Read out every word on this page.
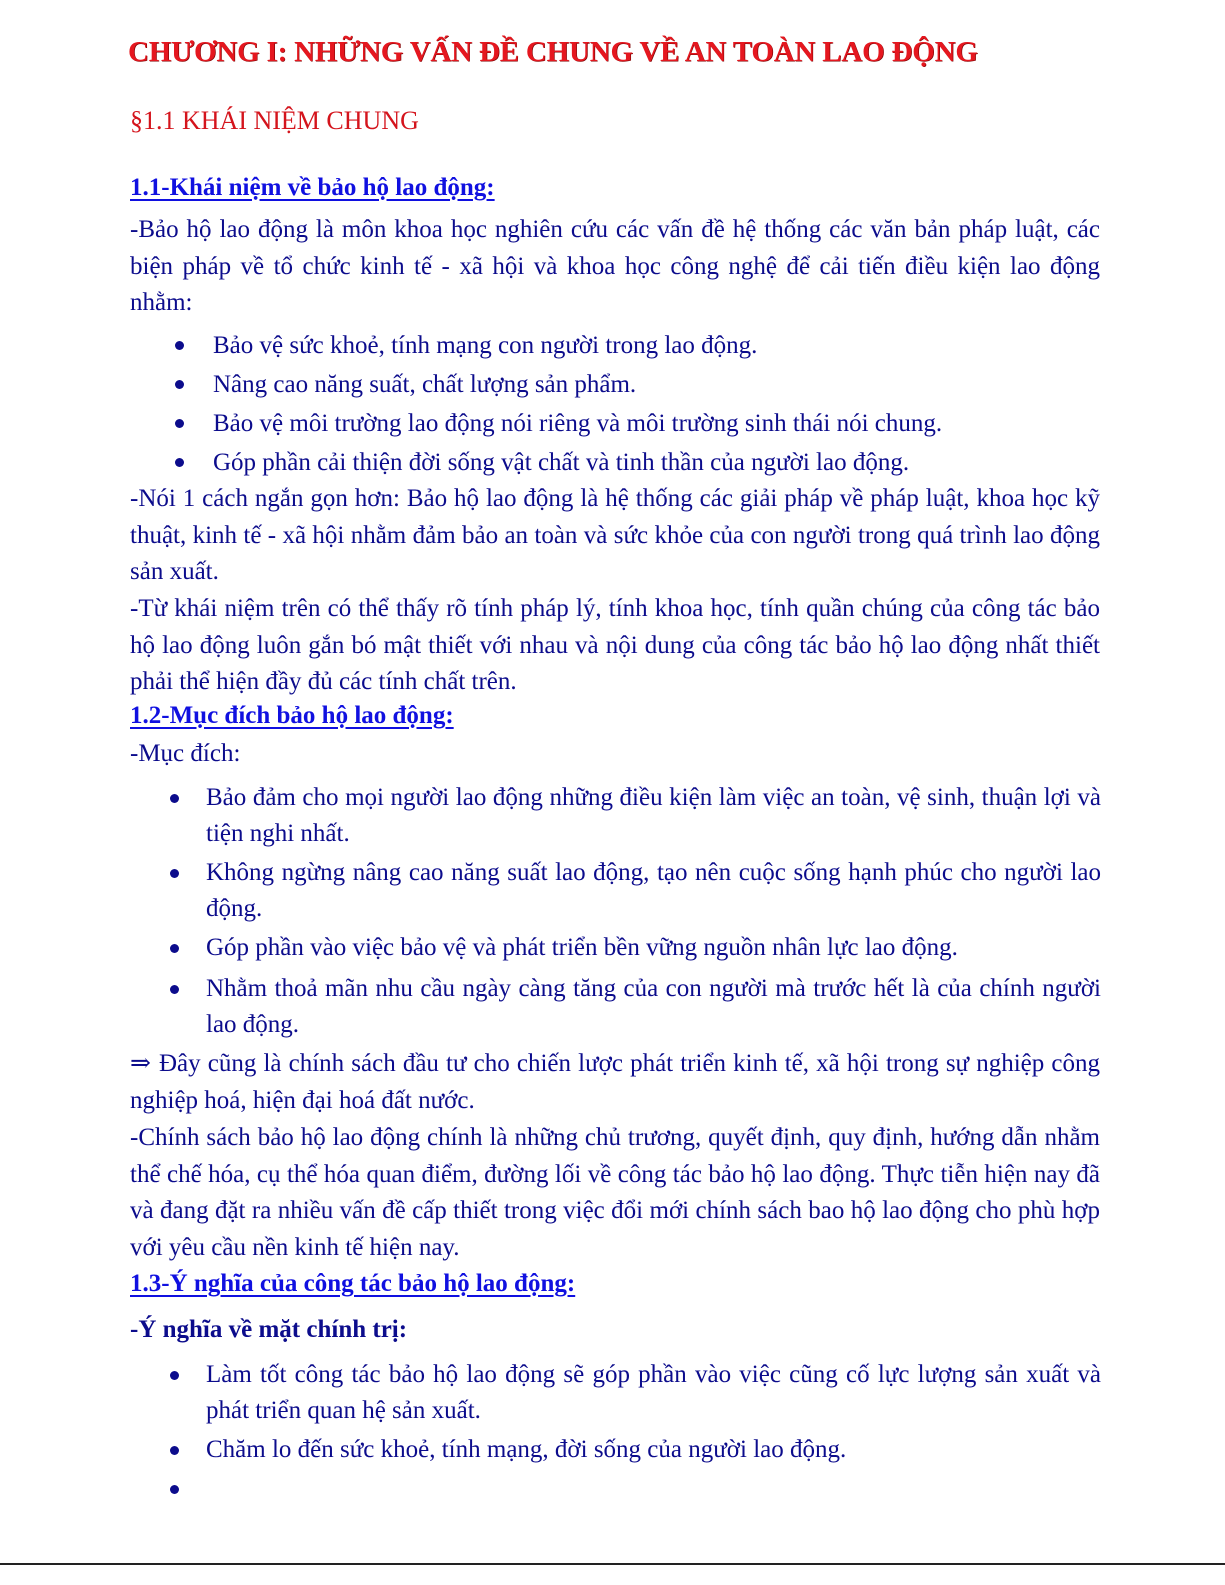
CHƯƠNG I: NHỮNG VẤN ĐỀ CHUNG VỀ AN TOÀN LAO ĐỘNG
§1.1 KHÁI NIỆM CHUNG
1.1-Khái niệm về bảo hộ lao động:
-Bảo hộ lao động là môn khoa học nghiên cứu các vấn đề hệ thống các văn bản pháp luật, các biện pháp về tổ chức kinh tế - xã hội và khoa học công nghệ để cải tiến điều kiện lao động nhằm:
Bảo vệ sức khoẻ, tính mạng con người trong lao động.
Nâng cao năng suất, chất lượng sản phẩm.
Bảo vệ môi trường lao động nói riêng và môi trường sinh thái nói chung.
Góp phần cải thiện đời sống vật chất và tinh thần của người lao động.
-Nói 1 cách ngắn gọn hơn: Bảo hộ lao động là hệ thống các giải pháp về pháp luật, khoa học kỹ thuật, kinh tế - xã hội nhằm đảm bảo an toàn và sức khỏe của con người trong quá trình lao động sản xuất.
-Từ khái niệm trên có thể thấy rõ tính pháp lý, tính khoa học, tính quần chúng của công tác bảo hộ lao động luôn gắn bó mật thiết với nhau và nội dung của công tác bảo hộ lao động nhất thiết phải thể hiện đầy đủ các tính chất trên.
1.2-Mục đích bảo hộ lao động:
-Mục đích:
Bảo đảm cho mọi người lao động những điều kiện làm việc an toàn, vệ sinh, thuận lợi và tiện nghi nhất.
Không ngừng nâng cao năng suất lao động, tạo nên cuộc sống hạnh phúc cho người lao động.
Góp phần vào việc bảo vệ và phát triển bền vững nguồn nhân lực lao động.
Nhằm thoả mãn nhu cầu ngày càng tăng của con người mà trước hết là của chính người lao động.
⇒ Đây cũng là chính sách đầu tư cho chiến lược phát triển kinh tế, xã hội trong sự nghiệp công nghiệp hoá, hiện đại hoá đất nước.
-Chính sách bảo hộ lao động chính là những chủ trương, quyết định, quy định, hướng dẫn nhằm thể chế hóa, cụ thể hóa quan điểm, đường lối về công tác bảo hộ lao động. Thực tiễn hiện nay đã và đang đặt ra nhiều vấn đề cấp thiết trong việc đổi mới chính sách bao hộ lao động cho phù hợp với yêu cầu nền kinh tế hiện nay.
1.3-Ý nghĩa của công tác bảo hộ lao động:
-Ý nghĩa về mặt chính trị:
Làm tốt công tác bảo hộ lao động sẽ góp phần vào việc cũng cố lực lượng sản xuất và phát triển quan hệ sản xuất.
Chăm lo đến sức khoẻ, tính mạng, đời sống của người lao động.
